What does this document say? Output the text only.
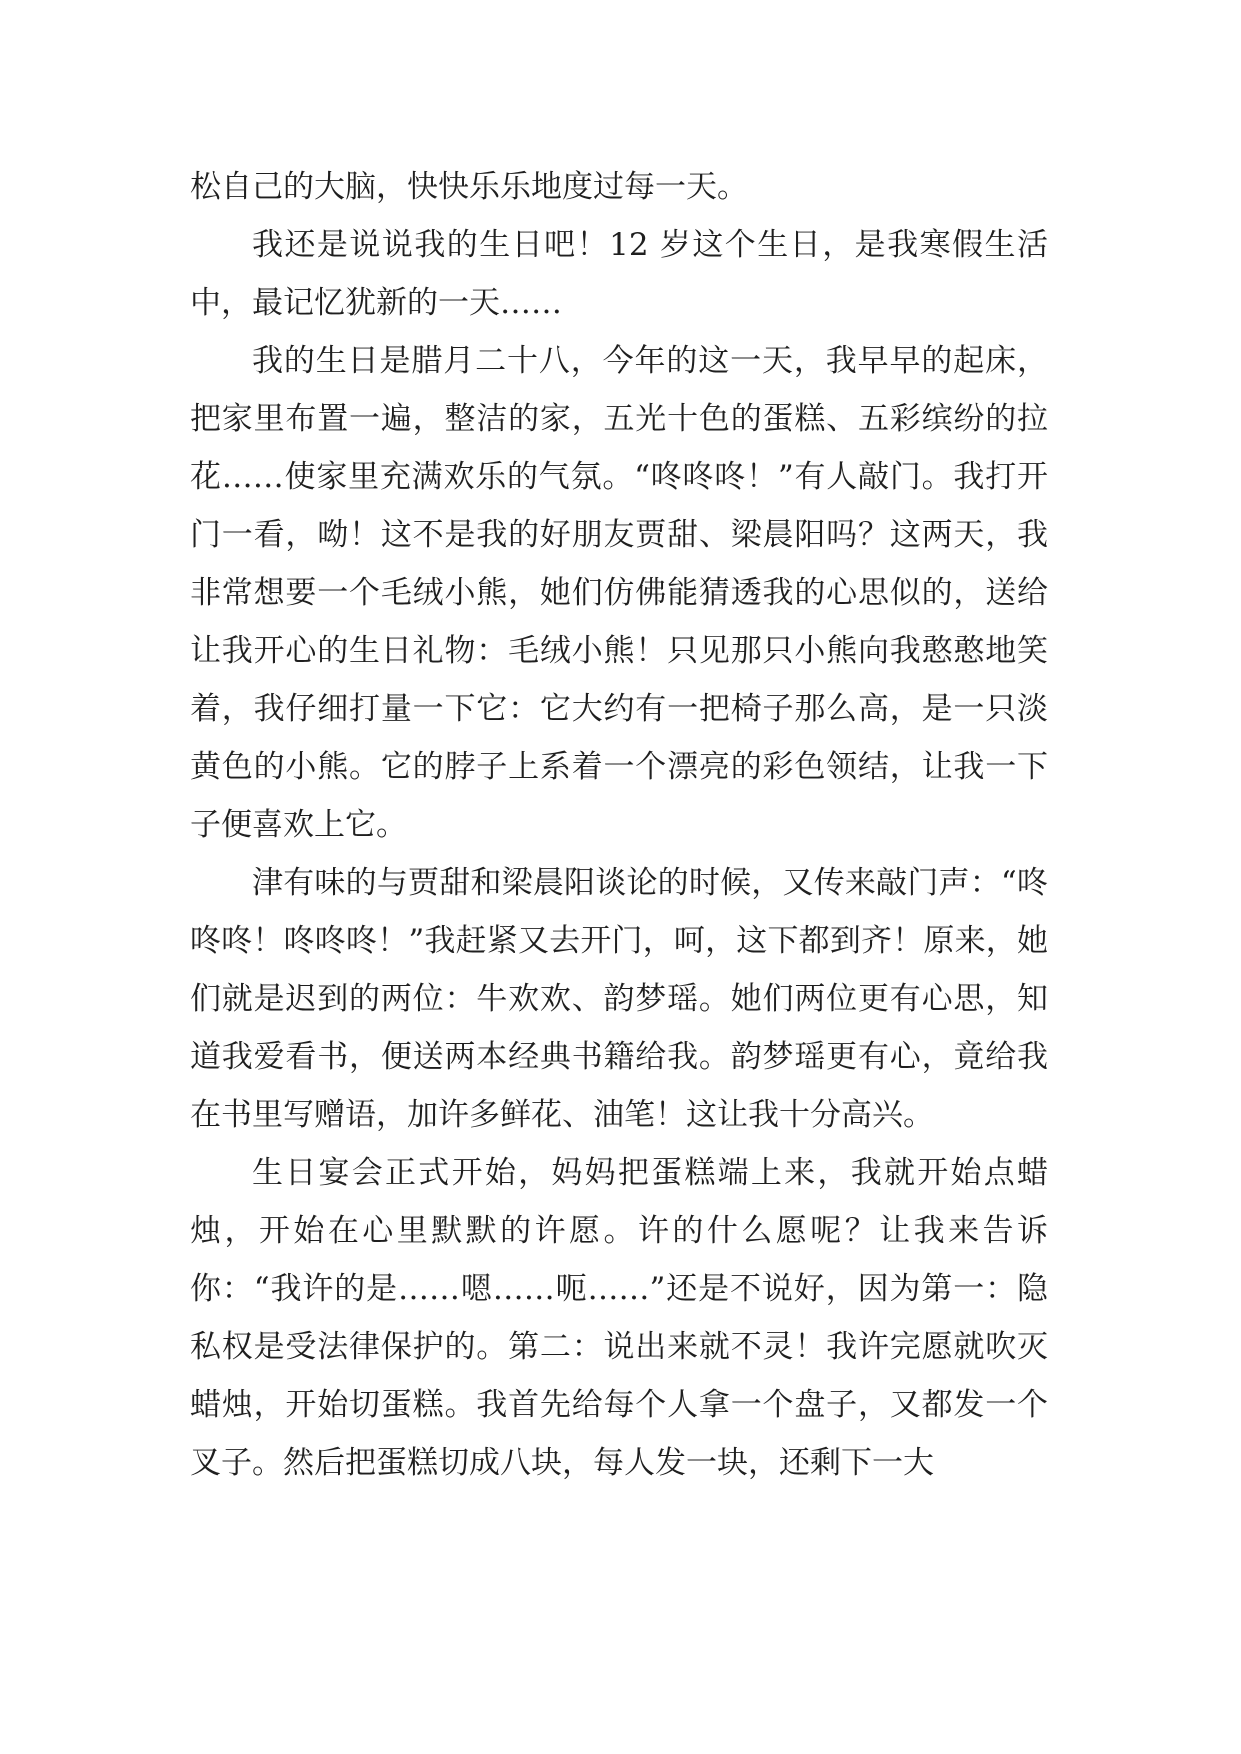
松自己的大脑，快快乐乐地度过每一天。

我还是说说我的生日吧！12 岁这个生日，是我寒假生活中，最记忆犹新的一天……

我的生日是腊月二十八，今年的这一天，我早早的起床，把家里布置一遍，整洁的家，五光十色的蛋糕、五彩缤纷的拉花……使家里充满欢乐的气氛。“咚咚咚！”有人敲门。我打开门一看，呦！这不是我的好朋友贾甜、梁晨阳吗？这两天，我非常想要一个毛绒小熊，她们仿佛能猜透我的心思似的，送给让我开心的生日礼物：毛绒小熊！只见那只小熊向我憨憨地笑着，我仔细打量一下它：它大约有一把椅子那么高，是一只淡黄色的小熊。它的脖子上系着一个漂亮的彩色领结，让我一下子便喜欢上它。

津有味的与贾甜和梁晨阳谈论的时候，又传来敲门声：“咚咚咚！咚咚咚！”我赶紧又去开门，呵，这下都到齐！原来，她们就是迟到的两位：牛欢欢、韵梦瑶。她们两位更有心思，知道我爱看书，便送两本经典书籍给我。韵梦瑶更有心，竟给我在书里写赠语，加许多鲜花、油笔！这让我十分高兴。

生日宴会正式开始，妈妈把蛋糕端上来，我就开始点蜡烛，开始在心里默默的许愿。许的什么愿呢？让我来告诉你：“我许的是……嗯……呃……”还是不说好，因为第一：隐私权是受法律保护的。第二：说出来就不灵！我许完愿就吹灭蜡烛，开始切蛋糕。我首先给每个人拿一个盘子，又都发一个叉子。然后把蛋糕切成八块，每人发一块，还剩下一大
